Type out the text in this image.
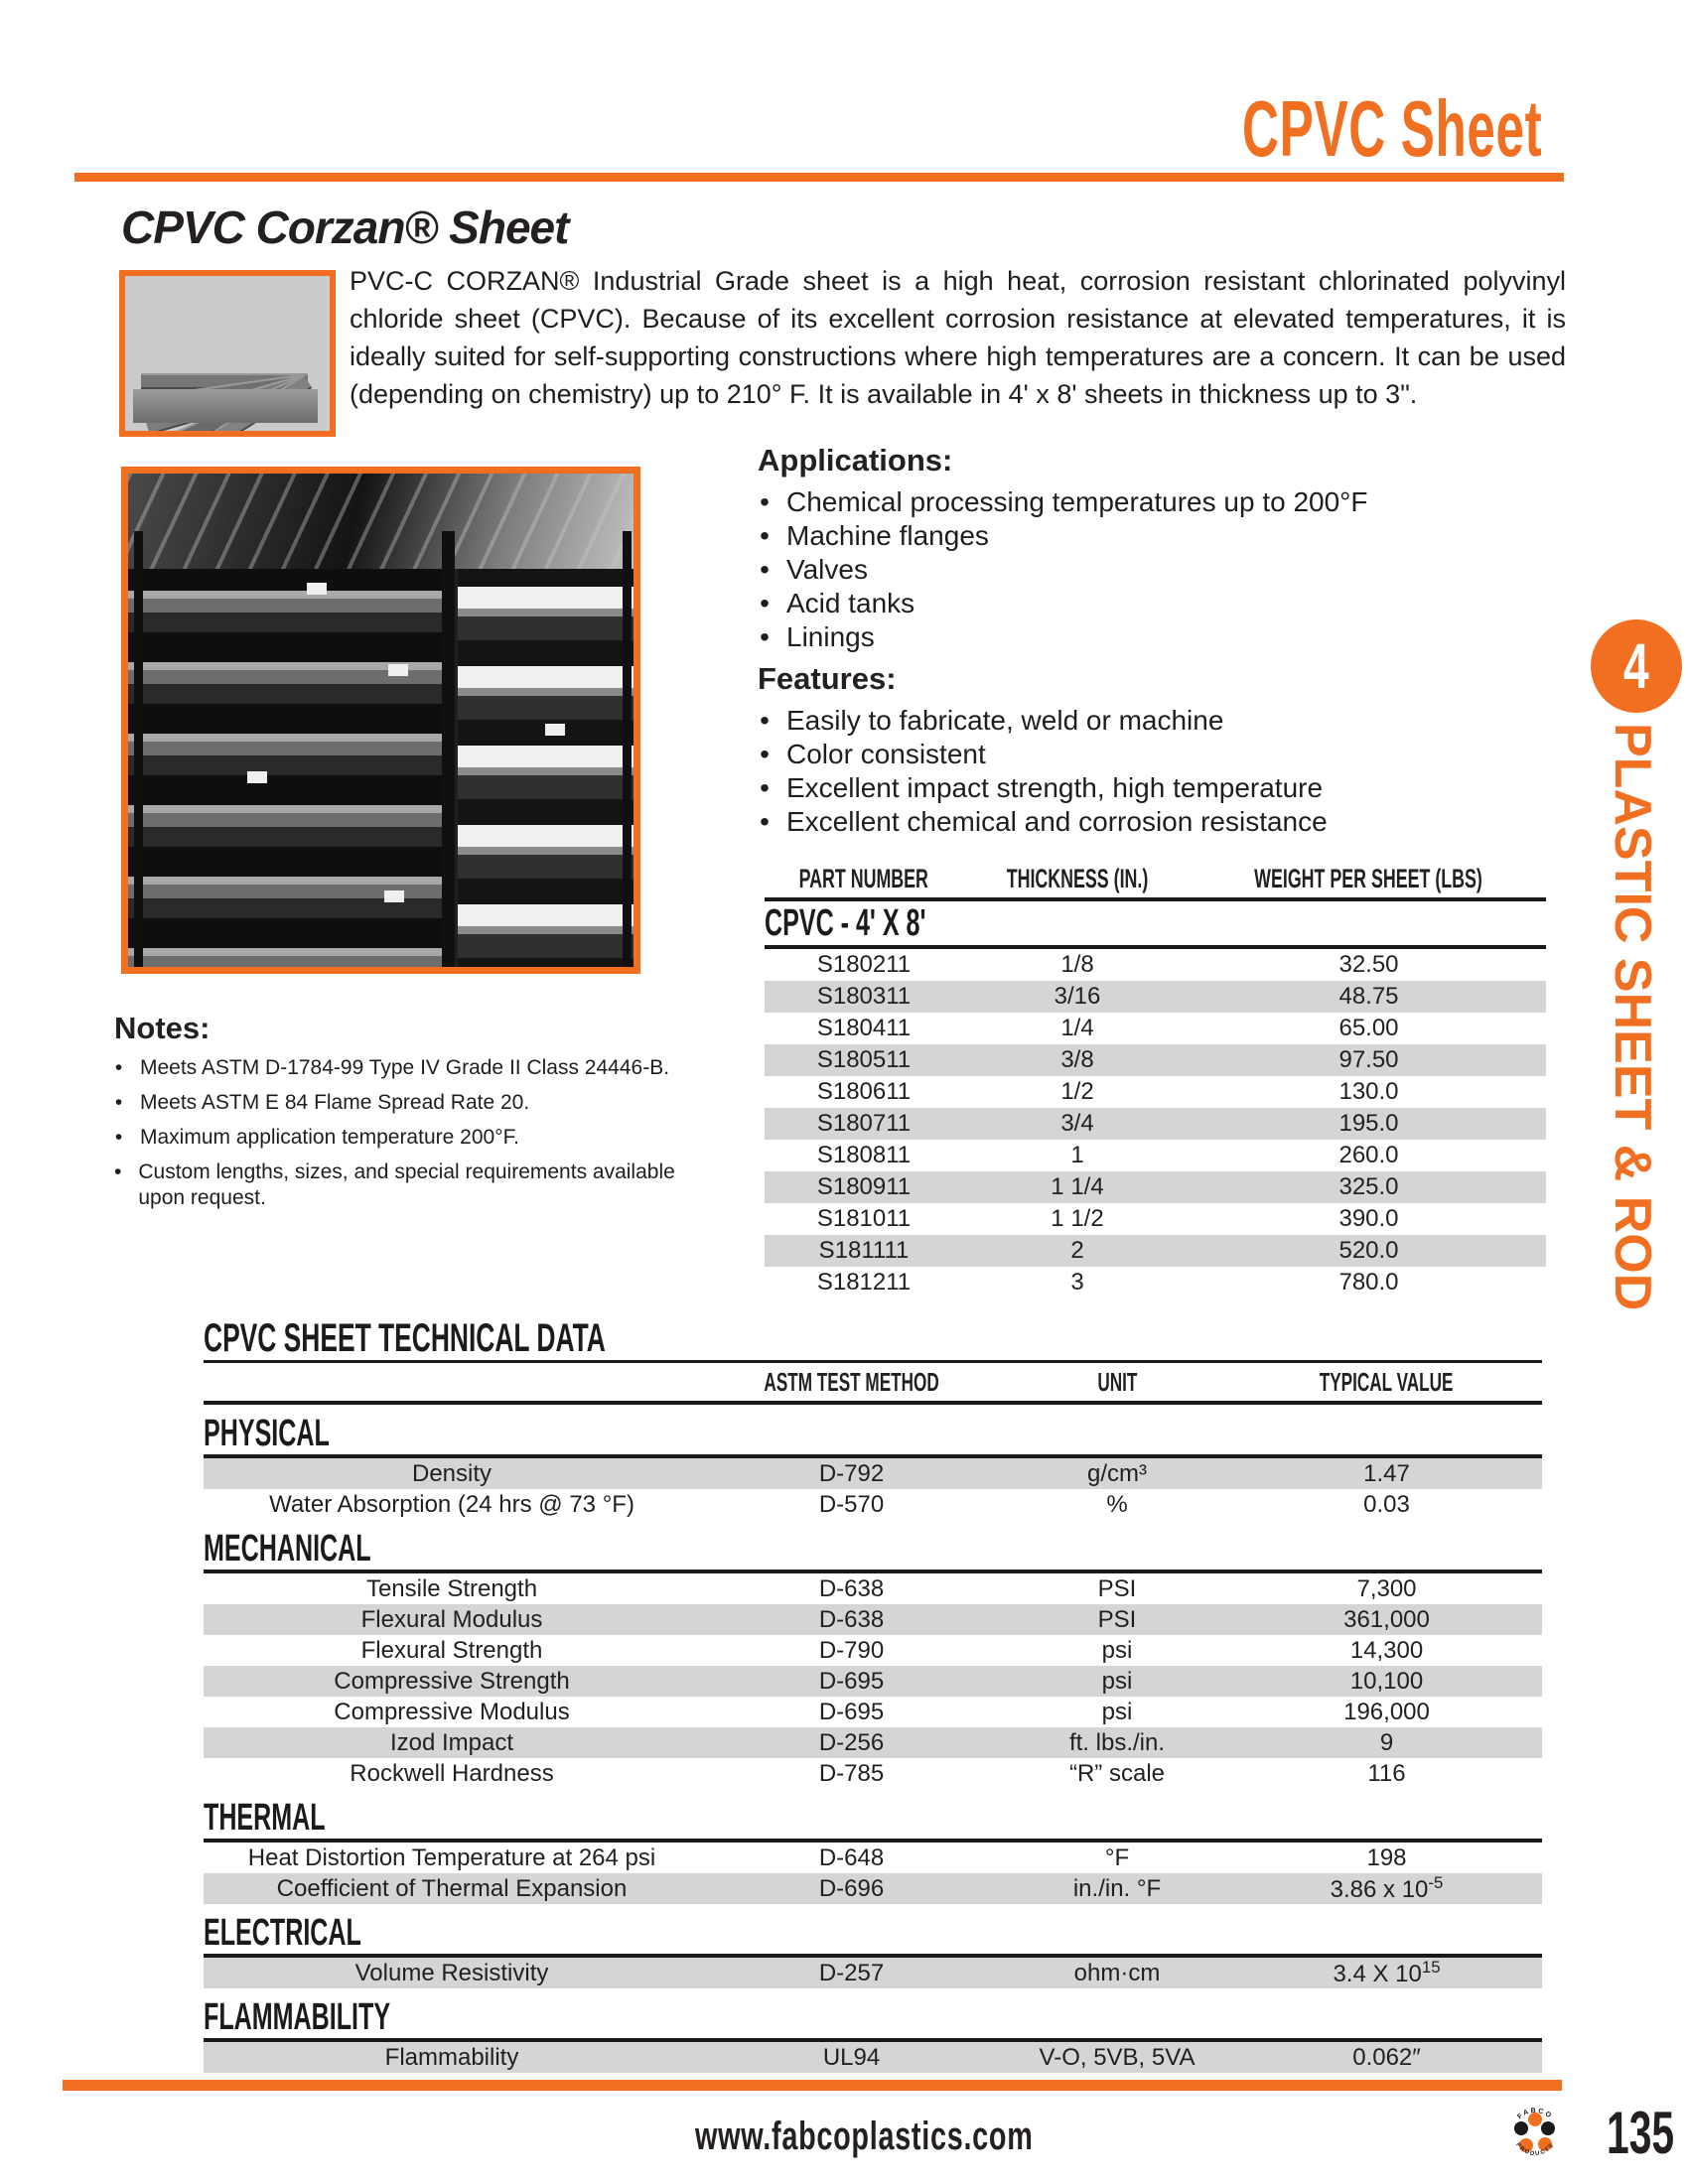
CPVC Sheet
CPVC Corzan® Sheet
PVC-C CORZAN® Industrial Grade sheet is a high heat, corrosion resistant chlorinated polyvinyl chloride sheet (CPVC). Because of its excellent corrosion resistance at elevated temperatures, it is ideally suited for self-supporting constructions where high temperatures are a concern. It can be used (depending on chemistry) up to 210° F. It is available in 4' x 8' sheets in thickness up to 3".
Applications:
• Chemical processing temperatures up to 200°F
• Machine flanges
• Valves
• Acid tanks
• Linings
Features:
• Easily to fabricate, weld or machine
• Color consistent
• Excellent impact strength, high temperature
• Excellent chemical and corrosion resistance
PART NUMBER	THICKNESS (IN.)	WEIGHT PER SHEET (LBS)
CPVC - 4' X 8'
S180211	1/8	32.50
S180311	3/16	48.75
S180411	1/4	65.00
S180511	3/8	97.50
S180611	1/2	130.0
S180711	3/4	195.0
S180811	1	260.0
S180911	1 1/4	325.0
S181011	1 1/2	390.0
S181111	2	520.0
S181211	3	780.0
Notes:
• Meets ASTM D-1784-99 Type IV Grade II Class 24446-B.
• Meets ASTM E 84 Flame Spread Rate 20.
• Maximum application temperature 200°F.
• Custom lengths, sizes, and special requirements available upon request.
CPVC SHEET TECHNICAL DATA
ASTM TEST METHOD	UNIT	TYPICAL VALUE
PHYSICAL
Density	D-792	g/cm³	1.47
Water Absorption (24 hrs @ 73 °F)	D-570	%	0.03
MECHANICAL
Tensile Strength	D-638	PSI	7,300
Flexural Modulus	D-638	PSI	361,000
Flexural Strength	D-790	psi	14,300
Compressive Strength	D-695	psi	10,100
Compressive Modulus	D-695	psi	196,000
Izod Impact	D-256	ft. lbs./in.	9
Rockwell Hardness	D-785	“R” scale	116
THERMAL
Heat Distortion Temperature at 264 psi	D-648	°F	198
Coefficient of Thermal Expansion	D-696	in./in. °F	3.86 x $10^{-5}$
ELECTRICAL
Volume Resistivity	D-257	ohm·cm	3.4 X $10^{15}$
FLAMMABILITY
Flammability	UL94	V-O, 5VB, 5VA	0.062″
4
PLASTIC SHEET & ROD
www.fabcoplastics.com	FABCO
PRODUCTS 135
